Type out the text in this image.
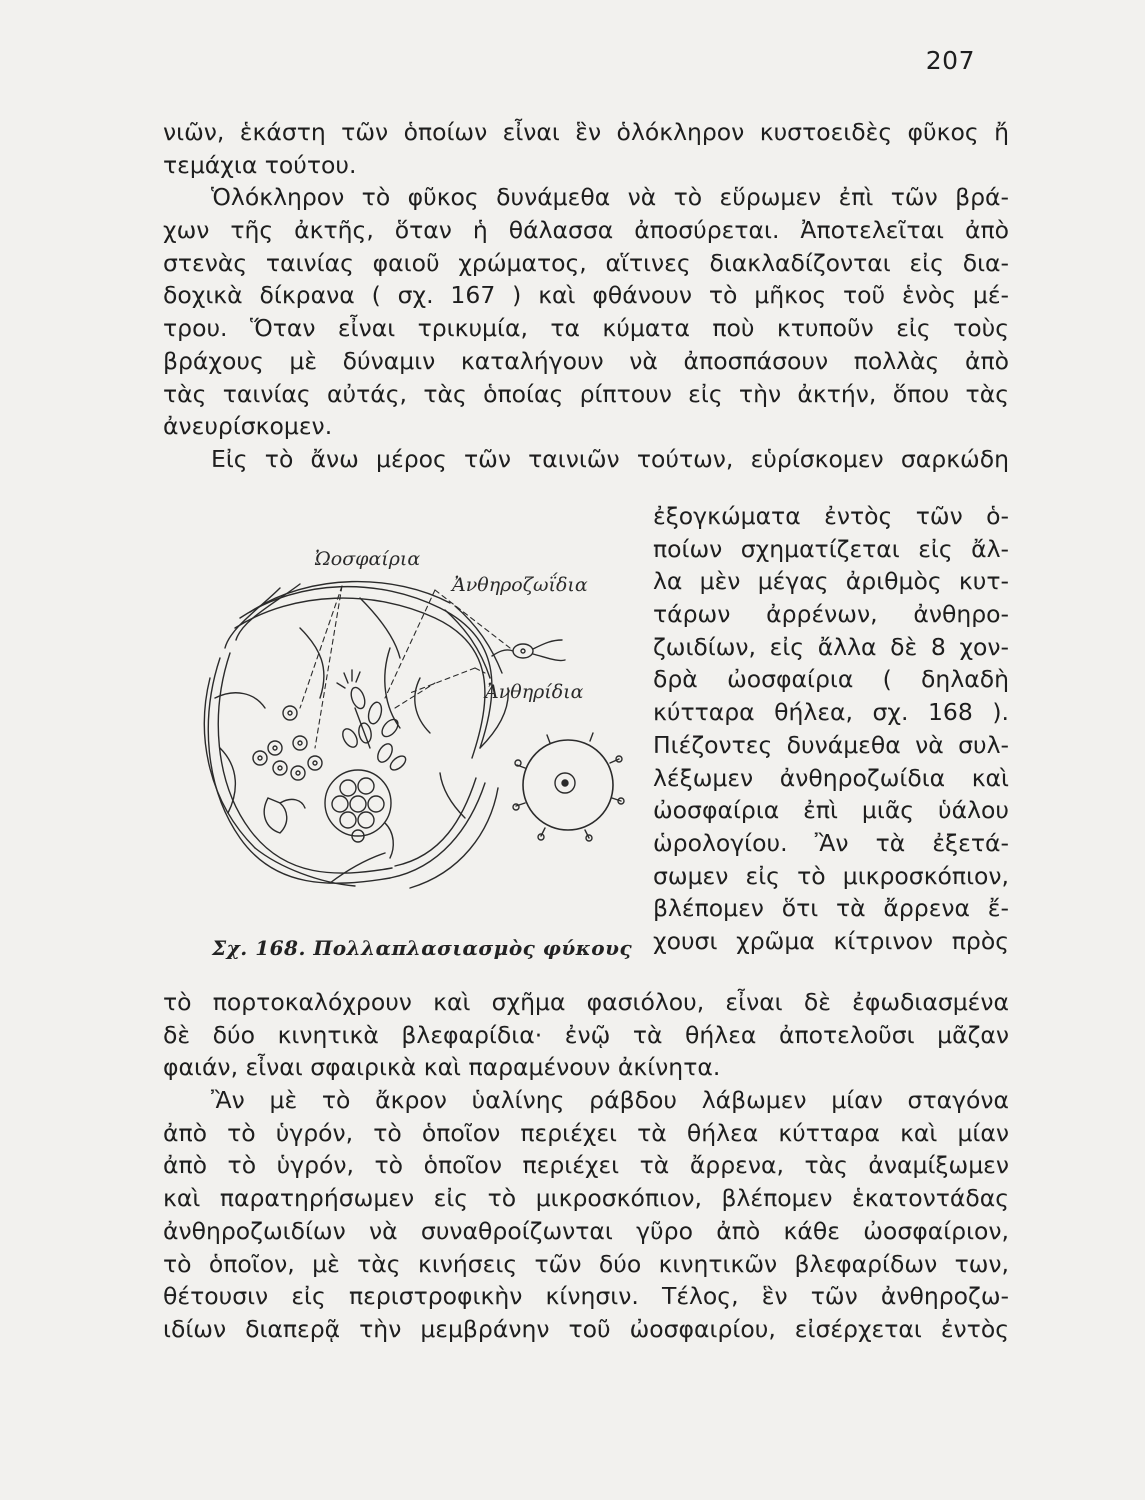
207
νιῶν, ἑκάστη τῶν ὁποίων εἶναι ἓν ὁλόκληρον κυστοειδὲς φῦκος ἤ
τεμάχια τούτου.
Ὁλόκληρον τὸ φῦκος δυνάμεθα νὰ τὸ εὕρωμεν ἐπὶ τῶν βρά-
χων τῆς ἀκτῆς, ὅταν ἡ θάλασσα ἀποσύρεται. Ἀποτελεῖται ἀπὸ
στενὰς ταινίας φαιοῦ χρώματος, αἵτινες διακλαδίζονται εἰς δια-
δοχικὰ δίκρανα ( σχ. 167 ) καὶ φθάνουν τὸ μῆκος τοῦ ἑνὸς μέ-
τρου. Ὅταν εἶναι τρικυμία, τα κύματα ποὺ κτυποῦν εἰς τοὺς
βράχους μὲ δύναμιν καταλήγουν νὰ ἀποσπάσουν πολλὰς ἀπὸ
τὰς ταινίας αὐτάς, τὰς ὁποίας ρίπτουν εἰς τὴν ἀκτήν, ὅπου τὰς
ἀνευρίσκομεν.
Εἰς τὸ ἄνω μέρος τῶν ταινιῶν τούτων, εὑρίσκομεν σαρκώδη
ἐξογκώματα ἐντὸς τῶν ὁ-
ποίων σχηματίζεται εἰς ἄλ-
λα μὲν μέγας ἀριθμὸς κυτ-
τάρων ἀρρένων, ἀνθηρο-
ζωιδίων, εἰς ἄλλα δὲ 8 χον-
δρὰ ὠοσφαίρια ( δηλαδὴ
κύτταρα θήλεα, σχ. 168 ).
Πιέζοντες δυνάμεθα νὰ συλ-
λέξωμεν ἀνθηροζωίδια καὶ
ὠοσφαίρια ἐπὶ μιᾶς ὑάλου
ὡρολογίου. Ἂν τὰ ἐξετά-
σωμεν εἰς τὸ μικροσκόπιον,
βλέπομεν ὅτι τὰ ἄρρενα ἔ-
χουσι χρῶμα κίτρινον πρὸς
Ὠοσφαίρια
Ἀνθηροζωΐδια
Ἀνθηρίδια
Σχ. 168. Πολλαπλασιασμὸς φύκους
τὸ πορτοκαλόχρουν καὶ σχῆμα φασιόλου, εἶναι δὲ ἐφωδιασμένα
δὲ δύο κινητικὰ βλεφαρίδια· ἐνῷ τὰ θήλεα ἀποτελοῦσι μᾶζαν
φαιάν, εἶναι σφαιρικὰ καὶ παραμένουν ἀκίνητα.
Ἂν μὲ τὸ ἄκρον ὑαλίνης ράβδου λάβωμεν μίαν σταγόνα
ἀπὸ τὸ ὑγρόν, τὸ ὁποῖον περιέχει τὰ θήλεα κύτταρα καὶ μίαν
ἀπὸ τὸ ὑγρόν, τὸ ὁποῖον περιέχει τὰ ἄρρενα, τὰς ἀναμίξωμεν
καὶ παρατηρήσωμεν εἰς τὸ μικροσκόπιον, βλέπομεν ἑκατοντάδας
ἀνθηροζωιδίων νὰ συναθροίζωνται γῦρο ἀπὸ κάθε ὠοσφαίριον,
τὸ ὁποῖον, μὲ τὰς κινήσεις τῶν δύο κινητικῶν βλεφαρίδων των,
θέτουσιν εἰς περιστροφικὴν κίνησιν. Τέλος, ἓν τῶν ἀνθηροζω-
ιδίων διαπερᾷ τὴν μεμβράνην τοῦ ὠοσφαιρίου, εἰσέρχεται ἐντὸς
